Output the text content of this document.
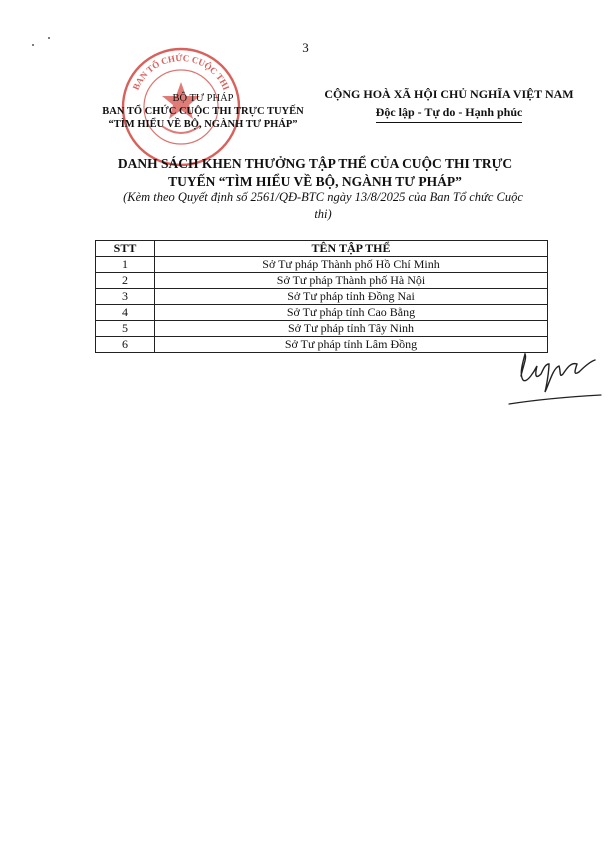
3
BAN TỔ CHỨC CUỘC THI
BỘ TƯ PHÁP
BAN TỔ CHỨC CUỘC THI TRỰC TUYẾN
“TÌM HIỂU VỀ BỘ, NGÀNH TƯ PHÁP”
CỘNG HOÀ XÃ HỘI CHỦ NGHĨA VIỆT NAM
Độc lập - Tự do - Hạnh phúc
DANH SÁCH KHEN THƯỞNG TẬP THỂ CỦA CUỘC THI TRỰC
TUYẾN “TÌM HIỂU VỀ BỘ, NGÀNH TƯ PHÁP”
(Kèm theo Quyết định số 2561/QĐ-BTC ngày 13/8/2025 của Ban Tổ chức Cuộc
thi)
STT	TÊN TẬP THỂ
1	Sở Tư pháp Thành phố Hồ Chí Minh
2	Sở Tư pháp Thành phố Hà Nội
3	Sở Tư pháp tỉnh Đồng Nai
4	Sở Tư pháp tỉnh Cao Bằng
5	Sở Tư pháp tỉnh Tây Ninh
6	Sở Tư pháp tỉnh Lâm Đồng
